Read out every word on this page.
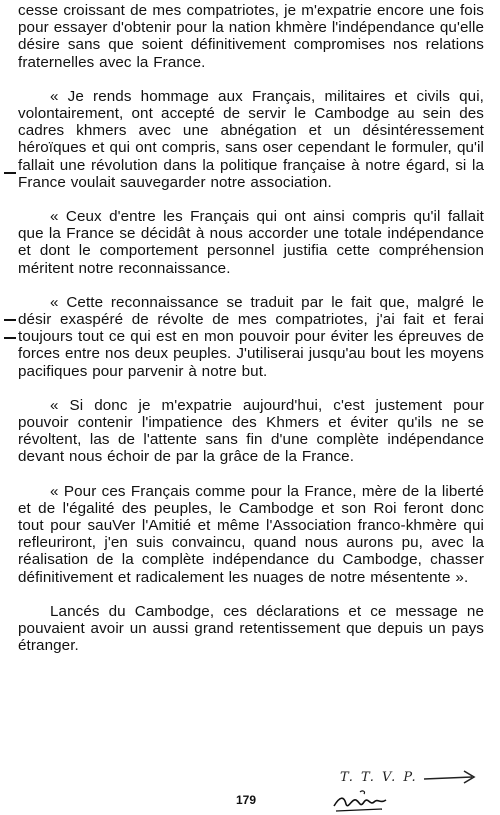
cesse croissant de mes compatriotes, je m'expatrie encore une fois pour essayer d'obtenir pour la nation khmère l'indépendance qu'elle désire sans que soient définitivement compromises nos relations fraternelles avec la France.

« Je rends hommage aux Français, militaires et civils qui, volontairement, ont accepté de servir le Cambodge au sein des cadres khmers avec une abnégation et un désintéressement héroïques et qui ont compris, sans oser cependant le formuler, qu'il fallait une révolution dans la politique française à notre égard, si la France voulait sauvegarder notre association.

« Ceux d'entre les Français qui ont ainsi compris qu'il fallait que la France se décidât à nous accorder une totale indépendance et dont le comportement personnel justifia cette compréhension méritent notre reconnaissance.

« Cette reconnaissance se traduit par le fait que, malgré le désir exaspéré de révolte de mes compatriotes, j'ai fait et ferai toujours tout ce qui est en mon pouvoir pour éviter les épreuves de forces entre nos deux peuples. J'utiliserai jusqu'au bout les moyens pacifiques pour parvenir à notre but.

« Si donc je m'expatrie aujourd'hui, c'est justement pour pouvoir contenir l'impatience des Khmers et éviter qu'ils ne se révoltent, las de l'attente sans fin d'une complète indépendance devant nous échoir de par la grâce de la France.

« Pour ces Français comme pour la France, mère de la liberté et de l'égalité des peuples, le Cambodge et son Roi feront donc tout pour sauVer l'Amitié et même l'Association franco-khmère qui refleuriront, j'en suis convaincu, quand nous aurons pu, avec la réalisation de la complète indépendance du Cambodge, chasser définitivement et radicalement les nuages de notre mésentente ».

Lancés du Cambodge, ces déclarations et ce message ne pouvaient avoir un aussi grand retentissement que depuis un pays étranger.

T. T. V. P.
179
